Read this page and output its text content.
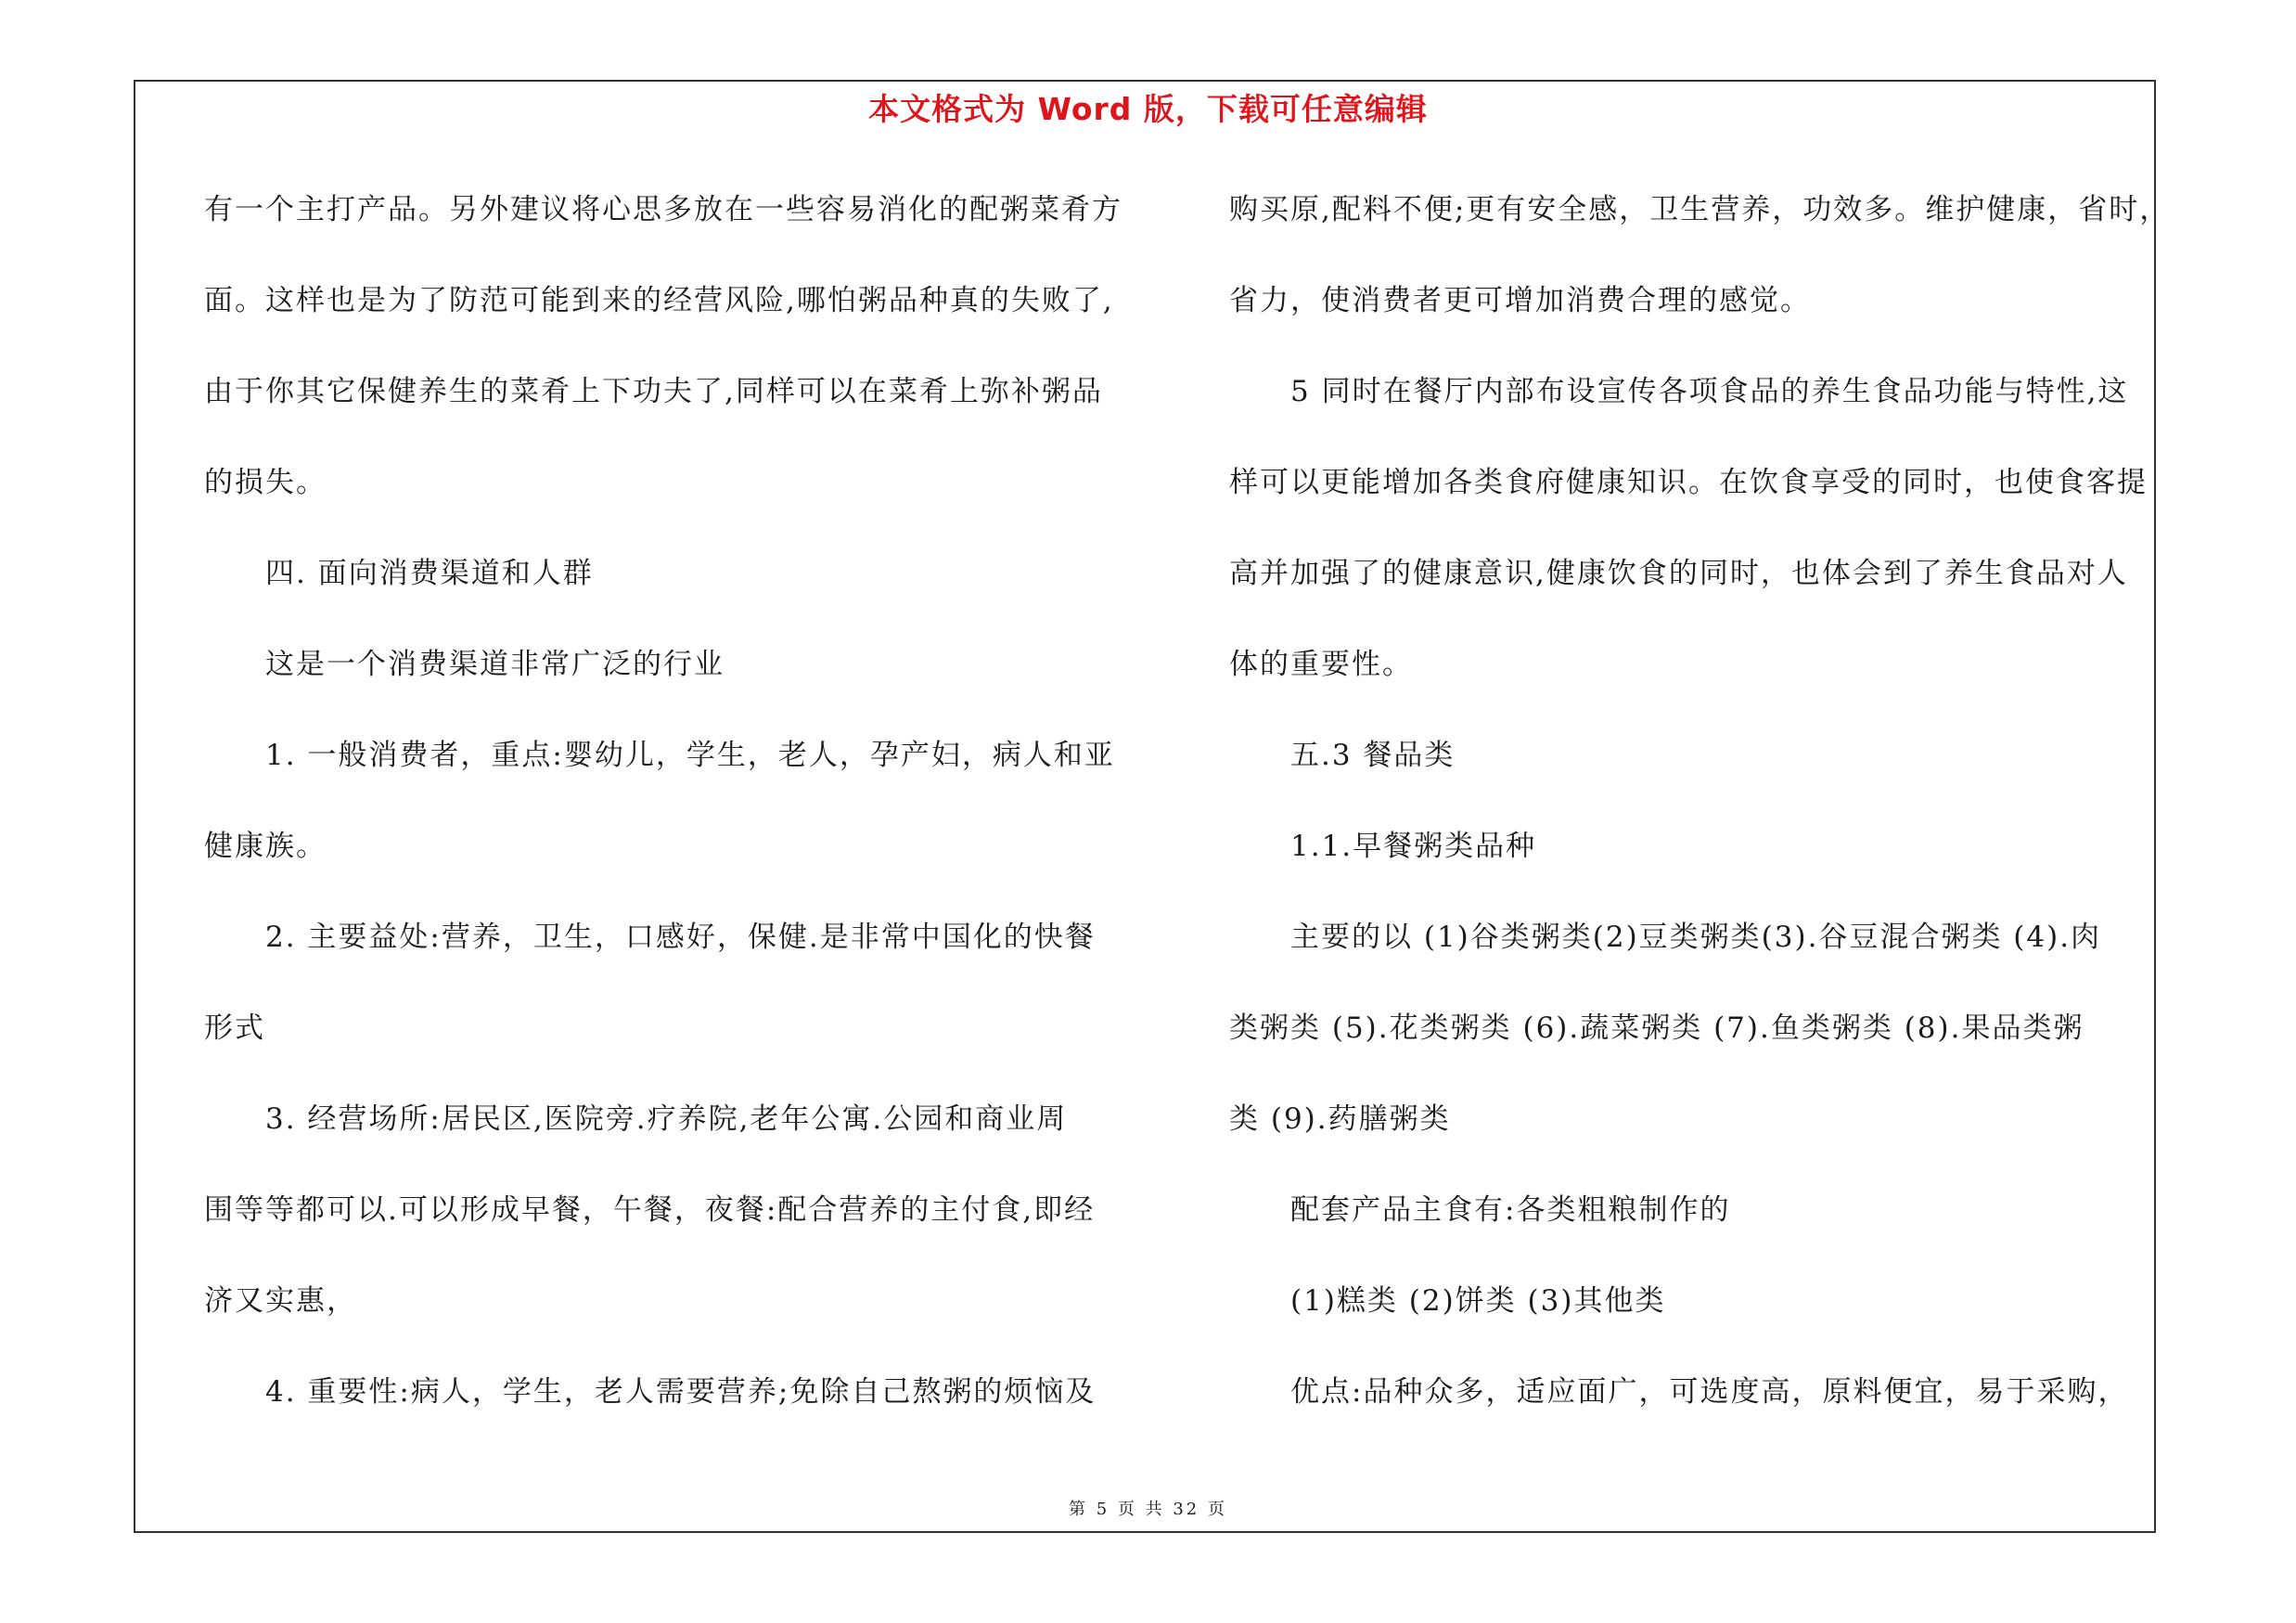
本文格式为 Word 版，下载可任意编辑
有一个主打产品。另外建议将心思多放在一些容易消化的配粥菜肴方
面。这样也是为了防范可能到来的经营风险,哪怕粥品种真的失败了,
由于你其它保健养生的菜肴上下功夫了,同样可以在菜肴上弥补粥品
的损失。
四. 面向消费渠道和人群
这是一个消费渠道非常广泛的行业
1. 一般消费者，重点:婴幼儿，学生，老人，孕产妇，病人和亚
健康族。
2. 主要益处:营养，卫生，口感好，保健.是非常中国化的快餐
形式
3. 经营场所:居民区,医院旁.疗养院,老年公寓.公园和商业周
围等等都可以.可以形成早餐，午餐，夜餐:配合营养的主付食,即经
济又实惠，
4. 重要性:病人，学生，老人需要营养;免除自己熬粥的烦恼及
购买原,配料不便;更有安全感，卫生营养，功效多。维护健康，省时，
省力，使消费者更可增加消费合理的感觉。
5 同时在餐厅内部布设宣传各项食品的养生食品功能与特性,这
样可以更能增加各类食府健康知识。在饮食享受的同时，也使食客提
高并加强了的健康意识,健康饮食的同时，也体会到了养生食品对人
体的重要性。
五.3 餐品类
1.1.早餐粥类品种
主要的以 (1)谷类粥类(2)豆类粥类(3).谷豆混合粥类 (4).肉
类粥类 (5).花类粥类 (6).蔬菜粥类 (7).鱼类粥类 (8).果品类粥
类 (9).药膳粥类
配套产品主食有:各类粗粮制作的
(1)糕类 (2)饼类 (3)其他类
优点:品种众多，适应面广，可选度高，原料便宜，易于采购，
第 5 页 共 32 页
